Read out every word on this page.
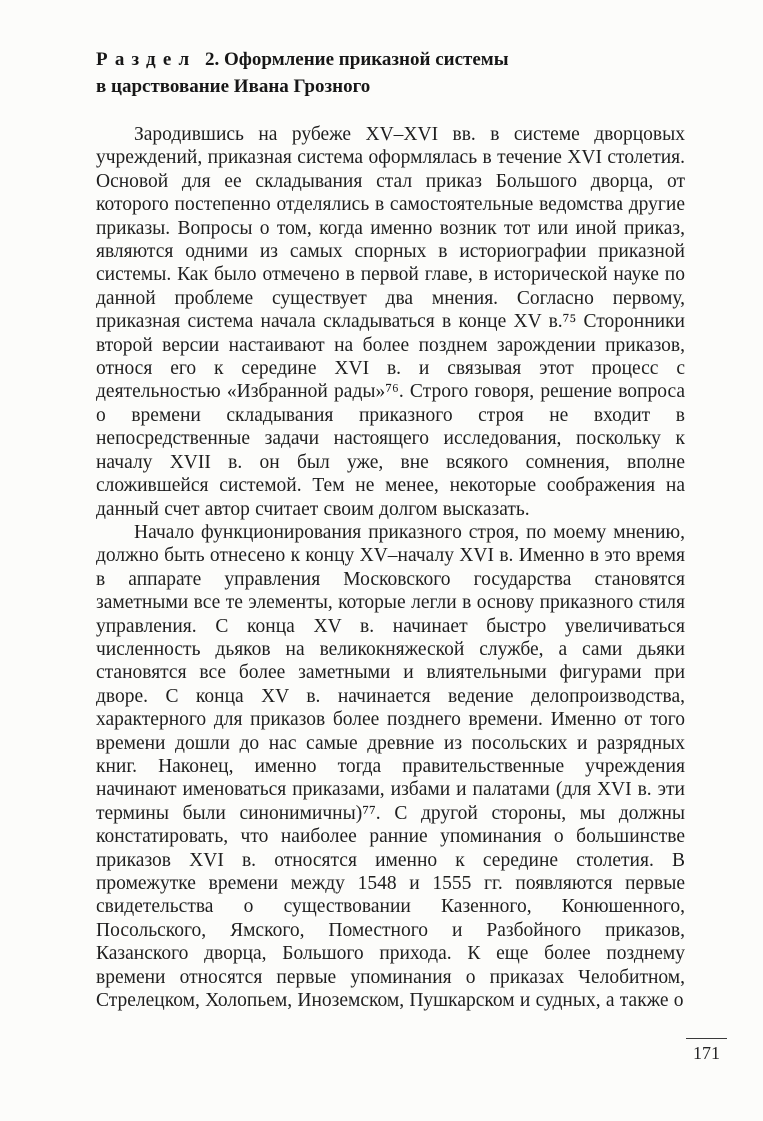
Раздел 2. Оформление приказной системы
в царствование Ивана Грозного

Зародившись на рубеже XV–XVI вв. в системе дворцовых учреждений, приказная система оформлялась в течение XVI столетия. Основой для ее складывания стал приказ Большого дворца, от которого постепенно отделялись в самостоятельные ведомства другие приказы. Вопросы о том, когда именно возник тот или иной приказ, являются одними из самых спорных в историографии приказной системы. Как было отмечено в первой главе, в исторической науке по данной проблеме существует два мнения. Согласно первому, приказная система начала складываться в конце XV в.⁷⁵ Сторонники второй версии настаивают на более позднем зарождении приказов, относя его к середине XVI в. и связывая этот процесс с деятельностью «Избранной рады»⁷⁶. Строго говоря, решение вопроса о времени складывания приказного строя не входит в непосредственные задачи настоящего исследования, поскольку к началу XVII в. он был уже, вне всякого сомнения, вполне сложившейся системой. Тем не менее, некоторые соображения на данный счет автор считает своим долгом высказать.

Начало функционирования приказного строя, по моему мнению, должно быть отнесено к концу XV–началу XVI в. Именно в это время в аппарате управления Московского государства становятся заметными все те элементы, которые легли в основу приказного стиля управления. С конца XV в. начинает быстро увеличиваться численность дьяков на великокняжеской службе, а сами дьяки становятся все более заметными и влиятельными фигурами при дворе. С конца XV в. начинается ведение делопроизводства, характерного для приказов более позднего времени. Именно от того времени дошли до нас самые древние из посольских и разрядных книг. Наконец, именно тогда правительственные учреждения начинают именоваться приказами, избами и палатами (для XVI в. эти термины были синонимичны)⁷⁷. С другой стороны, мы должны констатировать, что наиболее ранние упоминания о большинстве приказов XVI в. относятся именно к середине столетия. В промежутке времени между 1548 и 1555 гг. появляются первые свидетельства о существовании Казенного, Конюшенного, Посольского, Ямского, Поместного и Разбойного приказов, Казанского дворца, Большого прихода. К еще более позднему времени относятся первые упоминания о приказах Челобитном, Стрелецком, Холопьем, Иноземском, Пушкарском и судных, а также о

171
